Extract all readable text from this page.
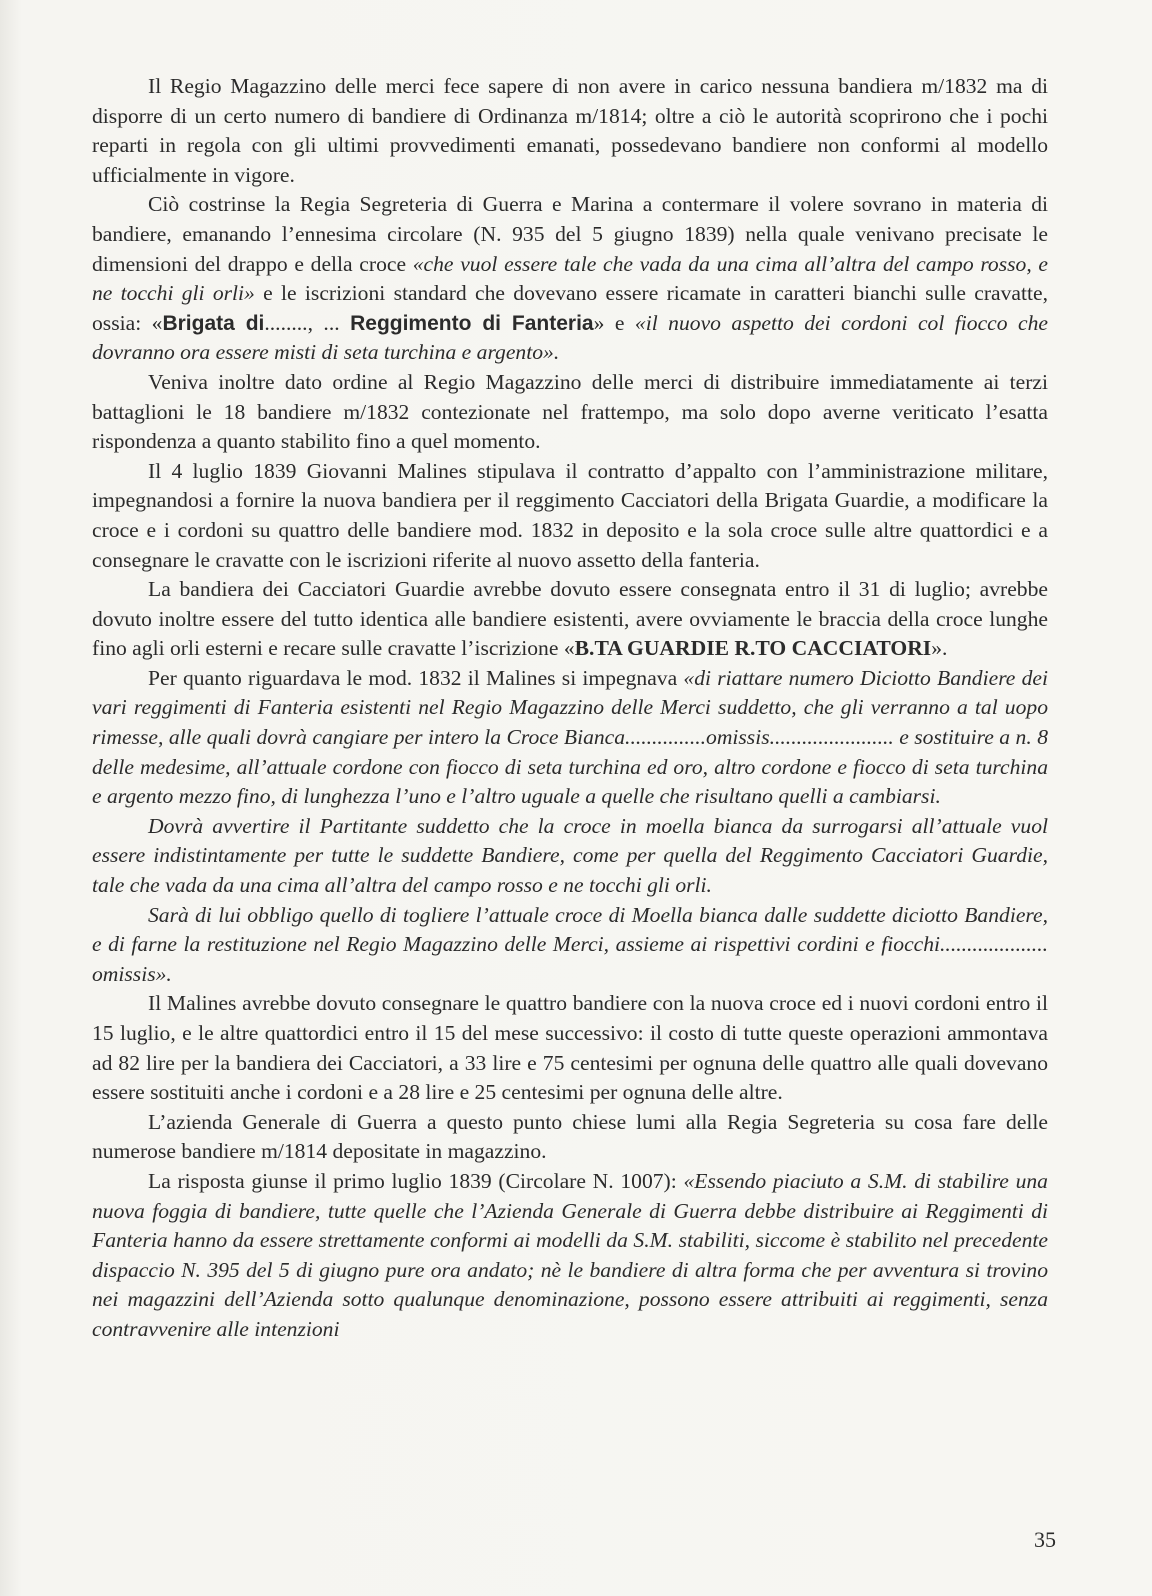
Il Regio Magazzino delle merci fece sapere di non avere in carico nessuna bandiera m/1832 ma di disporre di un certo numero di bandiere di Ordinanza m/1814; oltre a ciò le autorità scoprirono che i pochi reparti in regola con gli ultimi provvedimenti emanati, possedevano bandiere non conformi al modello ufficialmente in vigore.

Ciò costrinse la Regia Segreteria di Guerra e Marina a contermare il volere sovrano in materia di bandiere, emanando l’ennesima circolare (N. 935 del 5 giugno 1839) nella quale venivano precisate le dimensioni del drappo e della croce «che vuol essere tale che vada da una cima all’altra del campo rosso, e ne tocchi gli orli» e le iscrizioni standard che dovevano essere ricamate in caratteri bianchi sulle cravatte, ossia: «Brigata di........, ... Reggimento di Fanteria» e «il nuovo aspetto dei cordoni col fiocco che dovranno ora essere misti di seta turchina e argento».

Veniva inoltre dato ordine al Regio Magazzino delle merci di distribuire immediatamente ai terzi battaglioni le 18 bandiere m/1832 contezionate nel frattempo, ma solo dopo averne veriticato l’esatta rispondenza a quanto stabilito fino a quel momento.

Il 4 luglio 1839 Giovanni Malines stipulava il contratto d’appalto con l’amministrazione militare, impegnandosi a fornire la nuova bandiera per il reggimento Cacciatori della Brigata Guardie, a modificare la croce e i cordoni su quattro delle bandiere mod. 1832 in deposito e la sola croce sulle altre quattordici e a consegnare le cravatte con le iscrizioni riferite al nuovo assetto della fanteria.

La bandiera dei Cacciatori Guardie avrebbe dovuto essere consegnata entro il 31 di luglio; avrebbe dovuto inoltre essere del tutto identica alle bandiere esistenti, avere ovviamente le braccia della croce lunghe fino agli orli esterni e recare sulle cravatte l’iscrizione «B.TA GUARDIE R.TO CACCIATORI».

Per quanto riguardava le mod. 1832 il Malines si impegnava «di riattare numero Diciotto Bandiere dei vari reggimenti di Fanteria esistenti nel Regio Magazzino delle Merci suddetto, che gli verranno a tal uopo rimesse, alle quali dovrà cangiare per intero la Croce Bianca...............omissis....................... e sostituire a n. 8 delle medesime, all’attuale cordone con fiocco di seta turchina ed oro, altro cordone e fiocco di seta turchina e argento mezzo fino, di lunghezza l’uno e l’altro uguale a quelle che risultano quelli a cambiarsi.

Dovrà avvertire il Partitante suddetto che la croce in moella bianca da surrogarsi all’attuale vuol essere indistintamente per tutte le suddette Bandiere, come per quella del Reggimento Cacciatori Guardie, tale che vada da una cima all’altra del campo rosso e ne tocchi gli orli.

Sarà di lui obbligo quello di togliere l’attuale croce di Moella bianca dalle suddette diciotto Bandiere, e di farne la restituzione nel Regio Magazzino delle Merci, assieme ai rispettivi cordini e fiocchi.................... omissis».

Il Malines avrebbe dovuto consegnare le quattro bandiere con la nuova croce ed i nuovi cordoni entro il 15 luglio, e le altre quattordici entro il 15 del mese successivo: il costo di tutte queste operazioni ammontava ad 82 lire per la bandiera dei Cacciatori, a 33 lire e 75 centesimi per ognuna delle quattro alle quali dovevano essere sostituiti anche i cordoni e a 28 lire e 25 centesimi per ognuna delle altre.

L’azienda Generale di Guerra a questo punto chiese lumi alla Regia Segreteria su cosa fare delle numerose bandiere m/1814 depositate in magazzino.

La risposta giunse il primo luglio 1839 (Circolare N. 1007): «Essendo piaciuto a S.M. di stabilire una nuova foggia di bandiere, tutte quelle che l’Azienda Generale di Guerra debbe distribuire ai Reggimenti di Fanteria hanno da essere strettamente conformi ai modelli da S.M. stabiliti, siccome è stabilito nel precedente dispaccio N. 395 del 5 di giugno pure ora andato; nè le bandiere di altra forma che per avventura si trovino nei magazzini dell’Azienda sotto qualunque denominazione, possono essere attribuiti ai reggimenti, senza contravvenire alle intenzioni

35
